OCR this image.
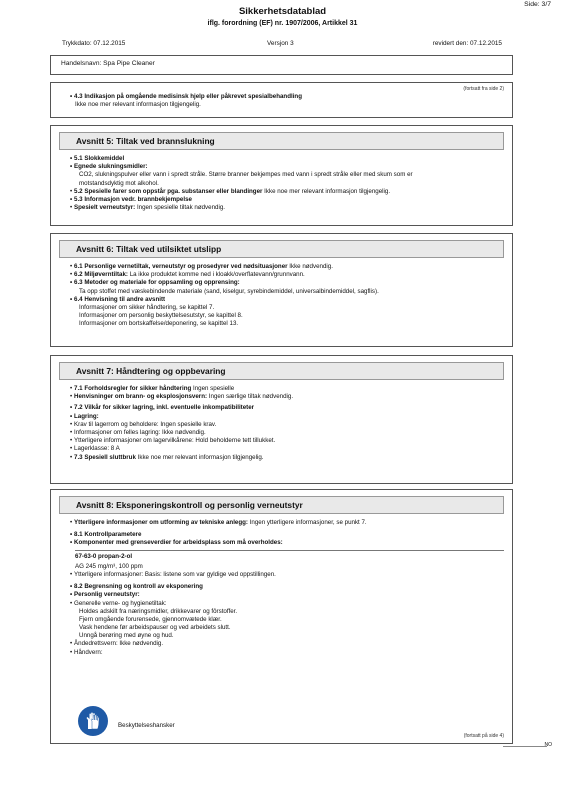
Side: 3/7
Sikkerhetsdatablad
iflg. forordning (EF) nr. 1907/2006, Artikkel 31
Trykkdato: 07.12.2015	Versjon 3	revidert den: 07.12.2015
Handelsnavn: Spa Pipe Cleaner
(fortsatt fra side 2)
• 4.3 Indikasjon på omgående medisinsk hjelp eller påkrevet spesialbehandling
Ikke noe mer relevant informasjon tilgjengelig.
Avsnitt 5: Tiltak ved brannslukning
• 5.1 Slokkemiddel
• Egnede slukningsmidler:
CO2, slukningspulver eller vann i spredt stråle. Større branner bekjempes med vann i spredt stråle eller med skum som er
motstandsdyktig mot alkohol.
• 5.2 Spesielle farer som oppstår pga. substanser eller blandinger Ikke noe mer relevant informasjon tilgjengelig.
• 5.3 Informasjon vedr. brannbekjempelse
• Spesielt verneutstyr: Ingen spesielle tiltak nødvendig.
Avsnitt 6: Tiltak ved utilsiktet utslipp
• 6.1 Personlige vernetiltak, verneutstyr og prosedyrer ved nødsituasjoner Ikke nødvendig.
• 6.2 Miljøverntiltak: La ikke produktet komme ned i kloakk/overflatevann/grunnvann.
• 6.3 Metoder og materiale for oppsamling og opprensing:
Ta opp stoffet med væskebindende materiale (sand, kiselgur, syrebindemiddel, universalbindemiddel, sagflis).
• 6.4 Henvisning til andre avsnitt
Informasjoner om sikker håndtering, se kapittel 7.
Informasjoner om personlig beskyttelsesutstyr, se kapittel 8.
Informasjoner om bortskaffelse/deponering, se kapittel 13.
Avsnitt 7: Håndtering og oppbevaring
• 7.1 Forholdsregler for sikker håndtering Ingen spesielle
• Henvisninger om brann- og eksplosjonsvern: Ingen særlige tiltak nødvendig.
• 7.2 Vilkår for sikker lagring, inkl. eventuelle inkompatibiliteter
• Lagring:
• Krav til lagerrom og beholdere: Ingen spesielle krav.
• Informasjoner om felles lagring: Ikke nødvendig.
• Ytterligere informasjoner om lagervilkårene: Hold beholderne tett tillukket.
• Lagerklasse: 8 A
• 7.3 Spesiell sluttbruk Ikke noe mer relevant informasjon tilgjengelig.
Avsnitt 8: Eksponeringskontroll og personlig verneutstyr
• Ytterligere informasjoner om utforming av tekniske anlegg: Ingen ytterligere informasjoner, se punkt 7.
• 8.1 Kontrollparametere
• Komponenter med grenseverdier for arbeidsplass som må overholdes:
67-63-0 propan-2-ol
AG 245 mg/m³, 100 ppm
• Ytterligere informasjoner: Basis: listene som var gyldige ved oppstillingen.
• 8.2 Begrensning og kontroll av eksponering
• Personlig verneutstyr:
• Generelle verne- og hygienetiltak:
Holdes adskilt fra næringsmidler, drikkevarer og fôrstoffer.
Fjern omgående forurensede, gjennomvætede klær.
Vask hendene før arbeidspauser og ved arbeidets slutt.
Unngå berøring med øyne og hud.
• Åndedrettsvern: Ikke nødvendig.
• Håndvern:
Beskyttelseshansker
(fortsatt på side 4)
NO
